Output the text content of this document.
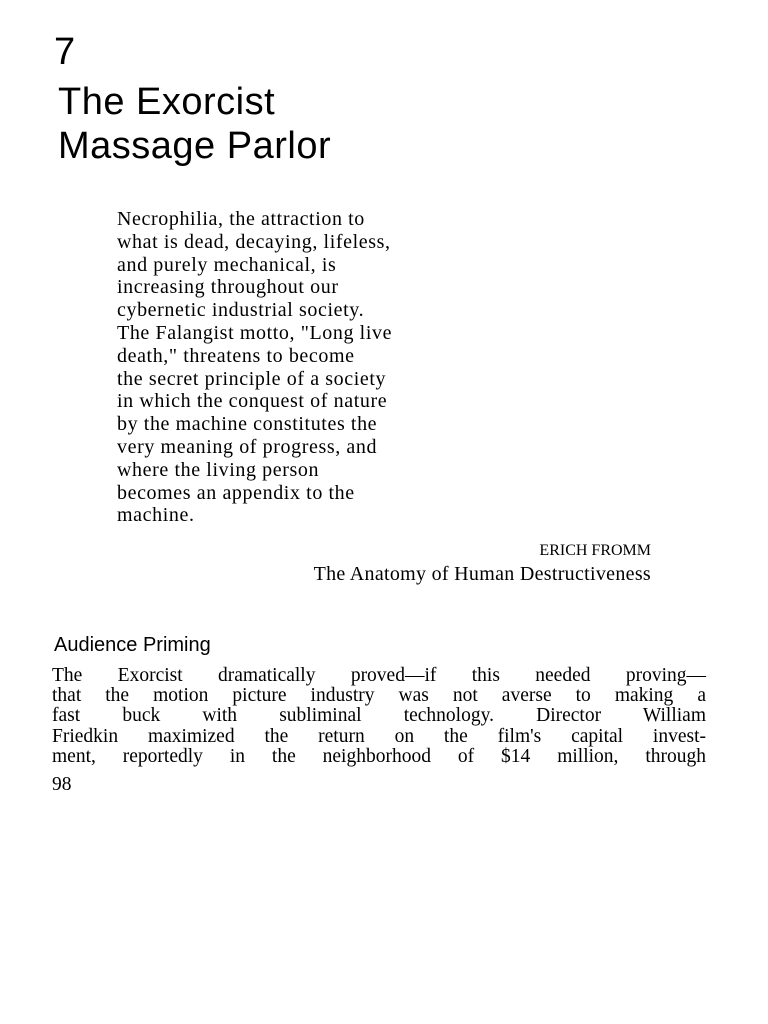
7
The Exorcist
Massage Parlor
Necrophilia, the attraction to
what is dead, decaying, lifeless,
and purely mechanical, is
increasing throughout our
cybernetic industrial society.
The Falangist motto, "Long live
death," threatens to become
the secret principle of a society
in which the conquest of nature
by the machine constitutes the
very meaning of progress, and
where the living person
becomes an appendix to the
machine.
ERICH FROMM
The Anatomy of Human Destructiveness
Audience Priming
The Exorcist dramatically proved—if this needed proving—
that the motion picture industry was not averse to making a
fast buck with subliminal technology. Director William
Friedkin maximized the return on the film's capital invest-
ment, reportedly in the neighborhood of $14 million, through
98
